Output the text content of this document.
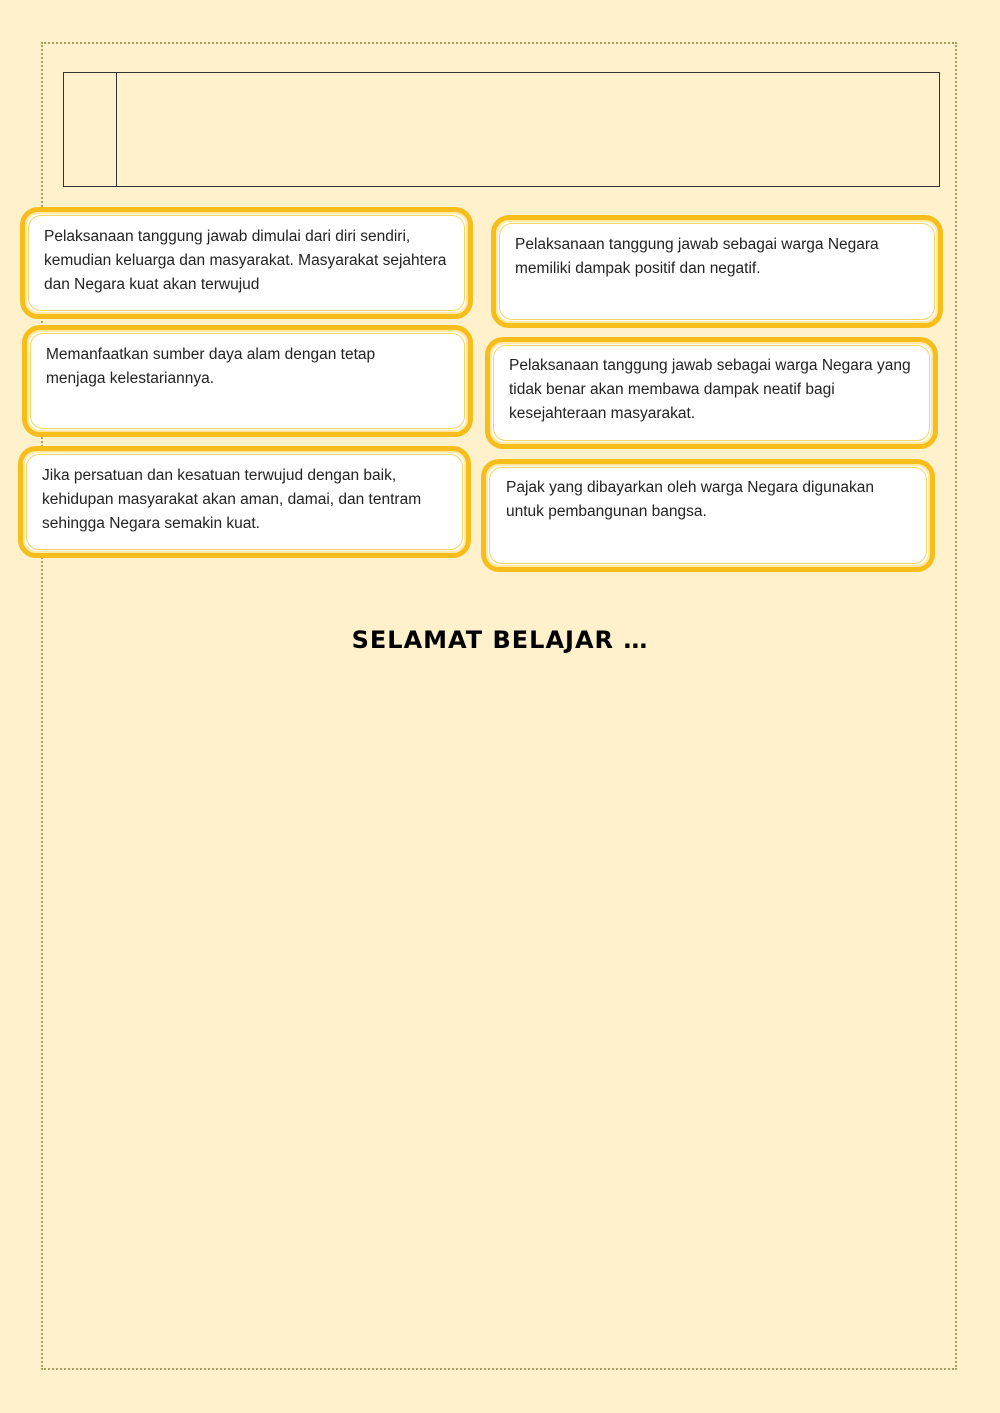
Pelaksanaan tanggung jawab dimulai dari diri sendiri, kemudian keluarga dan masyarakat. Masyarakat sejahtera dan Negara kuat akan terwujud

Memanfaatkan sumber daya alam dengan tetap menjaga kelestariannya.

Jika persatuan dan kesatuan terwujud dengan baik, kehidupan masyarakat akan aman, damai, dan tentram sehingga Negara semakin kuat.

Pelaksanaan tanggung jawab sebagai warga Negara memiliki dampak positif dan negatif.

Pelaksanaan tanggung jawab sebagai warga Negara yang tidak benar akan membawa dampak neatif bagi kesejahteraan masyarakat.

Pajak yang dibayarkan oleh warga Negara digunakan untuk pembangunan bangsa.

SELAMAT BELAJAR …
